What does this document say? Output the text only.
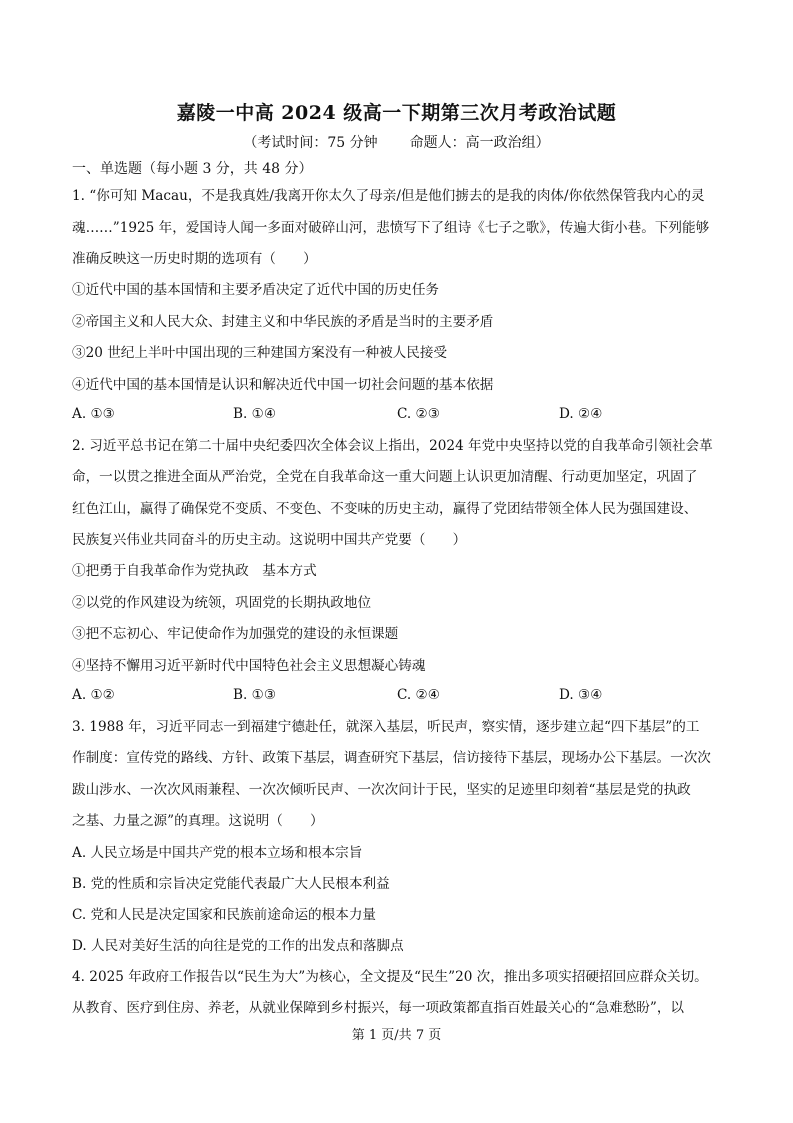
嘉陵一中高 2024 级高一下期第三次月考政治试题
（考试时间：75 分钟 命题人：高一政治组）
一、单选题（每小题 3 分，共 48 分）
1. “你可知 Macau，不是我真姓/我离开你太久了母亲/但是他们掳去的是我的肉体/你依然保管我内心的灵
魂……”1925 年，爱国诗人闻一多面对破碎山河，悲愤写下了组诗《七子之歌》，传遍大街小巷。下列能够
准确反映这一历史时期的选项有（　　）
①近代中国的基本国情和主要矛盾决定了近代中国的历史任务
②帝国主义和人民大众、封建主义和中华民族的矛盾是当时的主要矛盾
③20 世纪上半叶中国出现的三种建国方案没有一种被人民接受
④近代中国的基本国情是认识和解决近代中国一切社会问题的基本依据
A. ①③	B. ①④	C. ②③	D. ②④
2. 习近平总书记在第二十届中央纪委四次全体会议上指出，2024 年党中央坚持以党的自我革命引领社会革
命，一以贯之推进全面从严治党，全党在自我革命这一重大问题上认识更加清醒、行动更加坚定，巩固了
红色江山，赢得了确保党不变质、不变色、不变味的历史主动，赢得了党团结带领全体人民为强国建设、
民族复兴伟业共同奋斗的历史主动。这说明中国共产党要（　　）
①把勇于自我革命作为党执政　基本方式
②以党的作风建设为统领，巩固党的长期执政地位
③把不忘初心、牢记使命作为加强党的建设的永恒课题
④坚持不懈用习近平新时代中国特色社会主义思想凝心铸魂
A. ①②	B. ①③	C. ②④	D. ③④
3. 1988 年，习近平同志一到福建宁德赴任，就深入基层，听民声，察实情，逐步建立起“四下基层”的工
作制度：宣传党的路线、方针、政策下基层，调查研究下基层，信访接待下基层，现场办公下基层。一次次
跋山涉水、一次次风雨兼程、一次次倾听民声、一次次问计于民，坚实的足迹里印刻着“基层是党的执政
之基、力量之源”的真理。这说明（　　）
A. 人民立场是中国共产党的根本立场和根本宗旨
B. 党的性质和宗旨决定党能代表最广大人民根本利益
C. 党和人民是决定国家和民族前途命运的根本力量
D. 人民对美好生活的向往是党的工作的出发点和落脚点
4. 2025 年政府工作报告以“民生为大”为核心，全文提及“民生”20 次，推出多项实招硬招回应群众关切。
从教育、医疗到住房、养老，从就业保障到乡村振兴，每一项政策都直指百姓最关心的“急难愁盼”，以
第 1 页/共 7 页
